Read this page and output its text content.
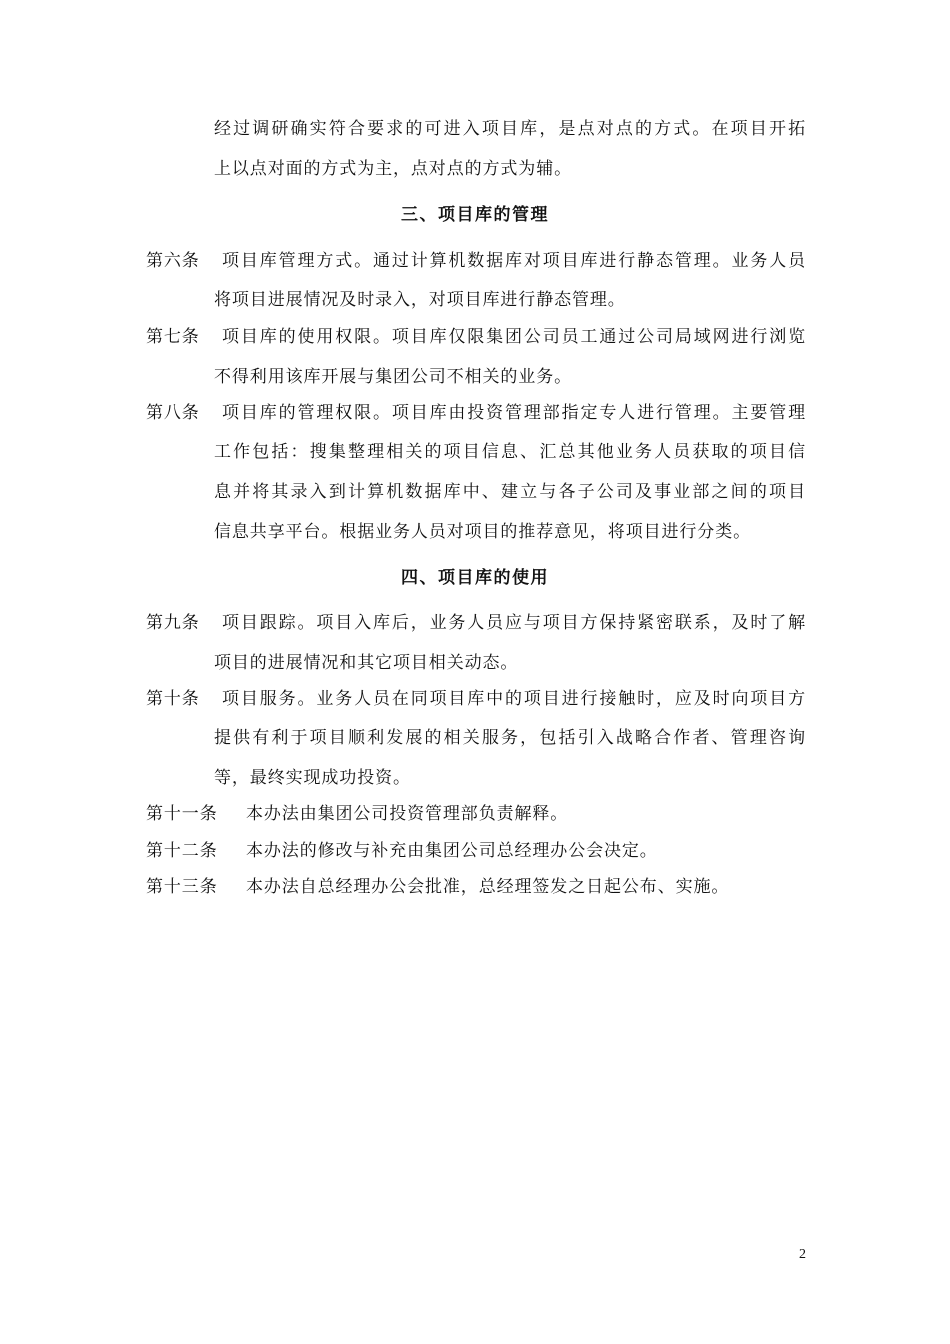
经过调研确实符合要求的可进入项目库，是点对点的方式。在项目开拓
上以点对面的方式为主，点对点的方式为辅。
三、项目库的管理
第六条	项目库管理方式。通过计算机数据库对项目库进行静态管理。业务人员
将项目进展情况及时录入，对项目库进行静态管理。
第七条 项目库的使用权限。项目库仅限集团公司员工通过公司局域网进行浏览
不得利用该库开展与集团公司不相关的业务。
第八条 项目库的管理权限。项目库由投资管理部指定专人进行管理。主要管理
工作包括：搜集整理相关的项目信息、汇总其他业务人员获取的项目信
息并将其录入到计算机数据库中、建立与各子公司及事业部之间的项目
信息共享平台。根据业务人员对项目的推荐意见，将项目进行分类。
四、项目库的使用
第九条 项目跟踪。项目入库后，业务人员应与项目方保持紧密联系，及时了解
项目的进展情况和其它项目相关动态。
第十条 项目服务。业务人员在同项目库中的项目进行接触时，应及时向项目方
提供有利于项目顺利发展的相关服务，包括引入战略合作者、管理咨询
等，最终实现成功投资。
第十一条 本办法由集团公司投资管理部负责解释。
第十二条 本办法的修改与补充由集团公司总经理办公会决定。
第十三条 本办法自总经理办公会批准，总经理签发之日起公布、实施。
2
